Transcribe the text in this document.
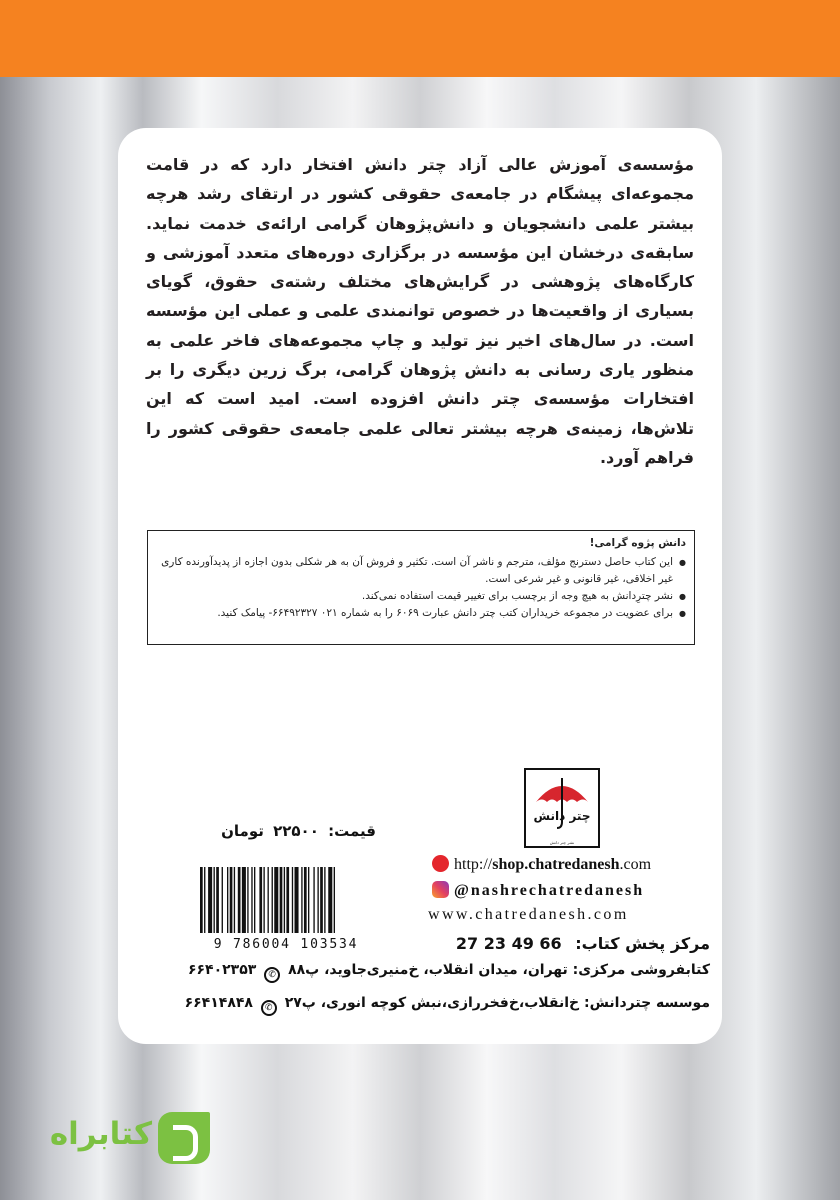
مؤسسه‌ی آموزش عالی آزاد چتر دانش افتخار دارد که در قامت مجموعه‌ای پیشگام در جامعه‌ی حقوقی کشور در ارتقای رشد هرچه بیشتر علمی دانشجویان و دانش‌پژوهان گرامی ارائه‌ی خدمت نماید. سابقه‌ی درخشان این مؤسسه در برگزاری دوره‌های متعدد آموزشی و کارگاه‌های پژوهشی در گرایش‌های مختلف رشته‌ی حقوق، گویای بسیاری از واقعیت‌ها در خصوص توانمندی علمی و عملی این مؤسسه است. در سال‌های اخیر نیز تولید و چاپ مجموعه‌های فاخر علمی به منظور یاری رسانی به دانش پژوهان گرامی، برگ زرین دیگری را بر افتخارات مؤسسه‌ی چتر دانش افزوده است. امید است که این تلاش‌ها، زمینه‌ی هرچه بیشتر تعالی علمی جامعه‌ی حقوقی کشور را فراهم آورد.

دانش پژوه گرامی!
● این کتاب حاصل دسترنج مؤلف، مترجم و ناشر آن است. تکثیر و فروش آن به هر شکلی بدون اجازه از پدیدآورنده کاری غیر اخلاقی، غیر قانونی و غیر شرعی است.
● نشر چترِدانش به هیچ وجه از برچسب برای تغییر قیمت استفاده نمی‌کند.
● برای عضویت در مجموعه خریداران کتب چتر دانش عبارت ۶۰۶۹ را به شماره ۰۲۱ ۶۶۴۹۲۳۲۷- پیامک کنید.
چتر دانش
نشر چتر دانش
قیمت: ۲۲۵۰۰ تومان
9 786004 103534
http://shop.chatredanesh.com
@nashrechatredanesh
www.chatredanesh.com
مرکز پخش کتاب: 66 49 23 27
کتابفروشی مرکزی: تهران، میدان انقلاب، خ‌منیری‌جاوید، پ۸۸ ✆ ۶۶۴۰۲۳۵۳
موسسه چتردانش: خ‌انقلاب،خ‌فخررازی،نبش کوچه انوری، پ۲۷ ✆ ۶۶۴۱۴۸۴۸
کتابراه
